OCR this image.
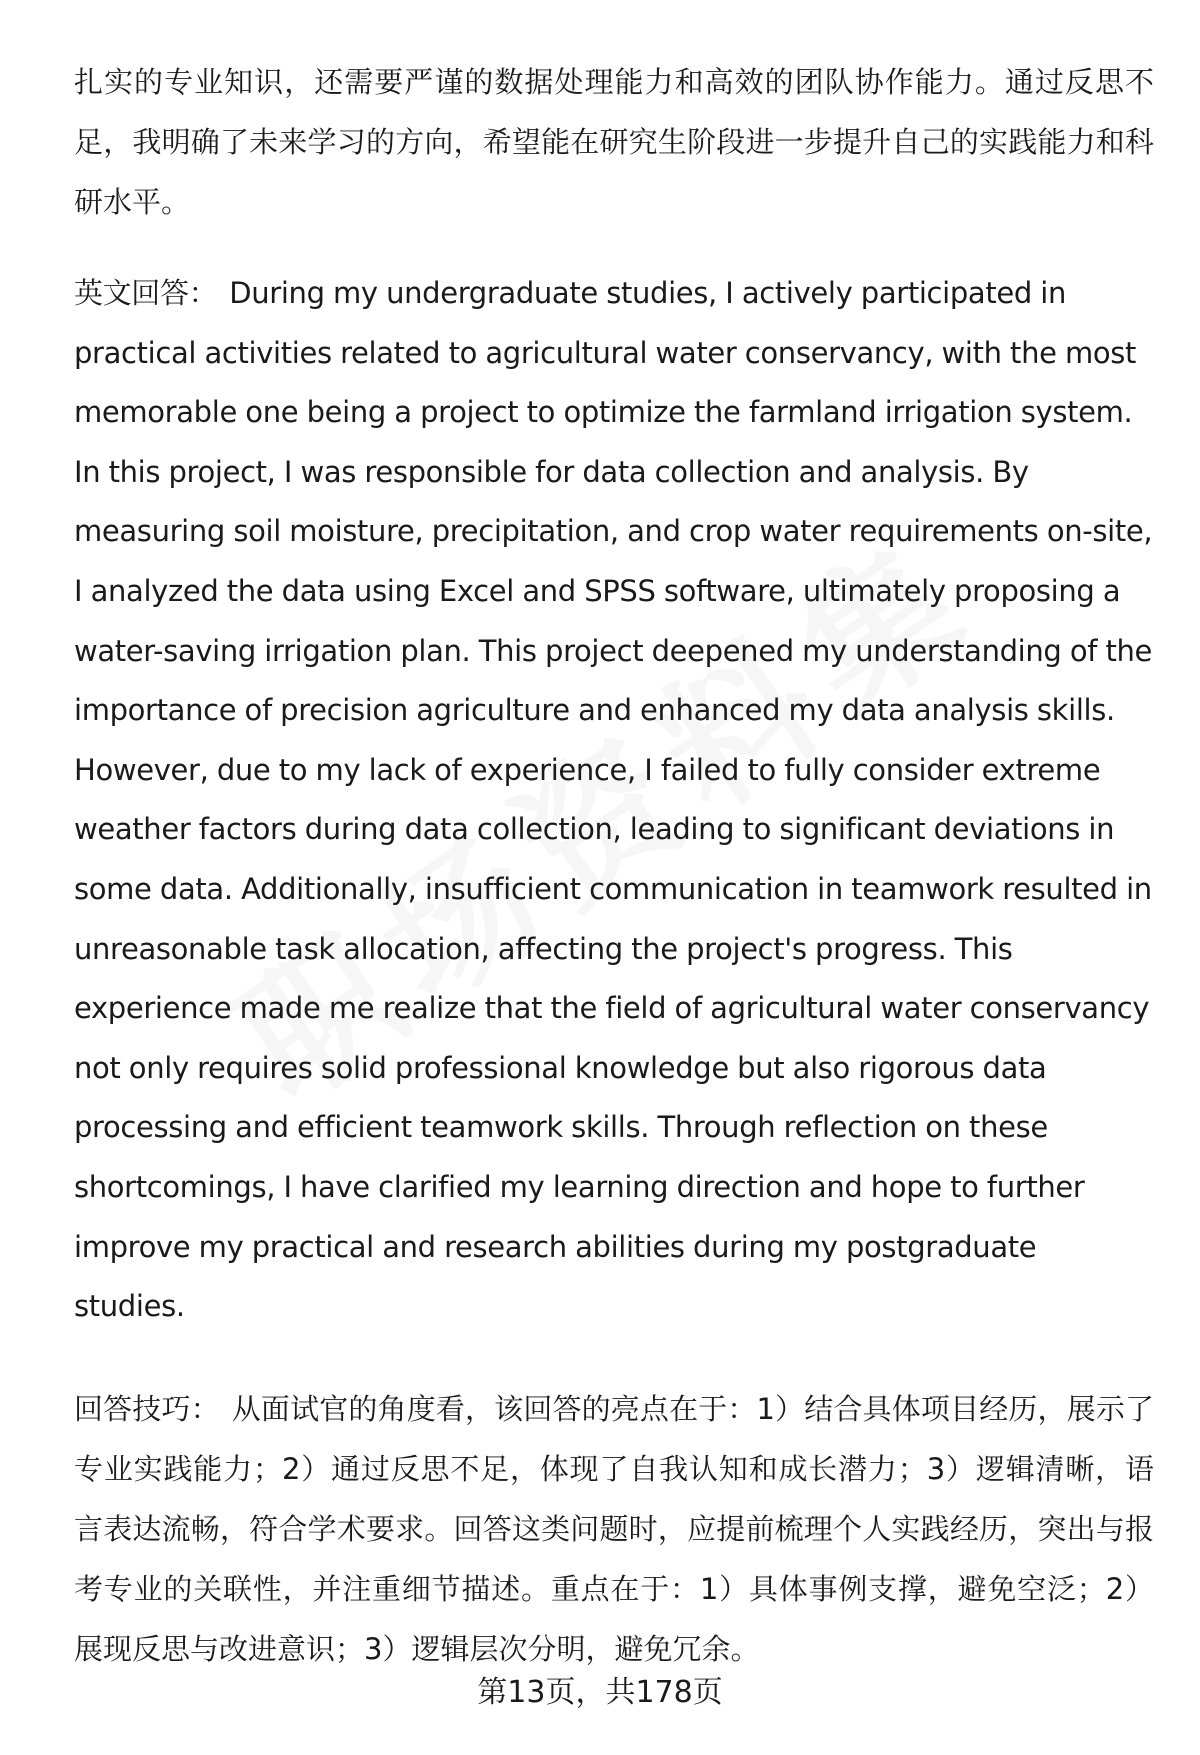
扎实的专业知识，还需要严谨的数据处理能力和高效的团队协作能力。通过反思不足，我明确了未来学习的方向，希望能在研究生阶段进一步提升自己的实践能力和科研水平。

英文回答： During my undergraduate studies, I actively participated in practical activities related to agricultural water conservancy, with the most memorable one being a project to optimize the farmland irrigation system. In this project, I was responsible for data collection and analysis. By measuring soil moisture, precipitation, and crop water requirements on-site, I analyzed the data using Excel and SPSS software, ultimately proposing a water-saving irrigation plan. This project deepened my understanding of the importance of precision agriculture and enhanced my data analysis skills. However, due to my lack of experience, I failed to fully consider extreme weather factors during data collection, leading to significant deviations in some data. Additionally, insufficient communication in teamwork resulted in unreasonable task allocation, affecting the project's progress. This experience made me realize that the field of agricultural water conservancy not only requires solid professional knowledge but also rigorous data processing and efficient teamwork skills. Through reflection on these shortcomings, I have clarified my learning direction and hope to further improve my practical and research abilities during my postgraduate studies.

回答技巧： 从面试官的角度看，该回答的亮点在于：1）结合具体项目经历，展示了专业实践能力；2）通过反思不足，体现了自我认知和成长潜力；3）逻辑清晰，语言表达流畅，符合学术要求。回答这类问题时，应提前梳理个人实践经历，突出与报考专业的关联性，并注重细节描述。重点在于：1）具体事例支撑，避免空泛；2）展现反思与改进意识；3）逻辑层次分明，避免冗余。

第13页，共178页
